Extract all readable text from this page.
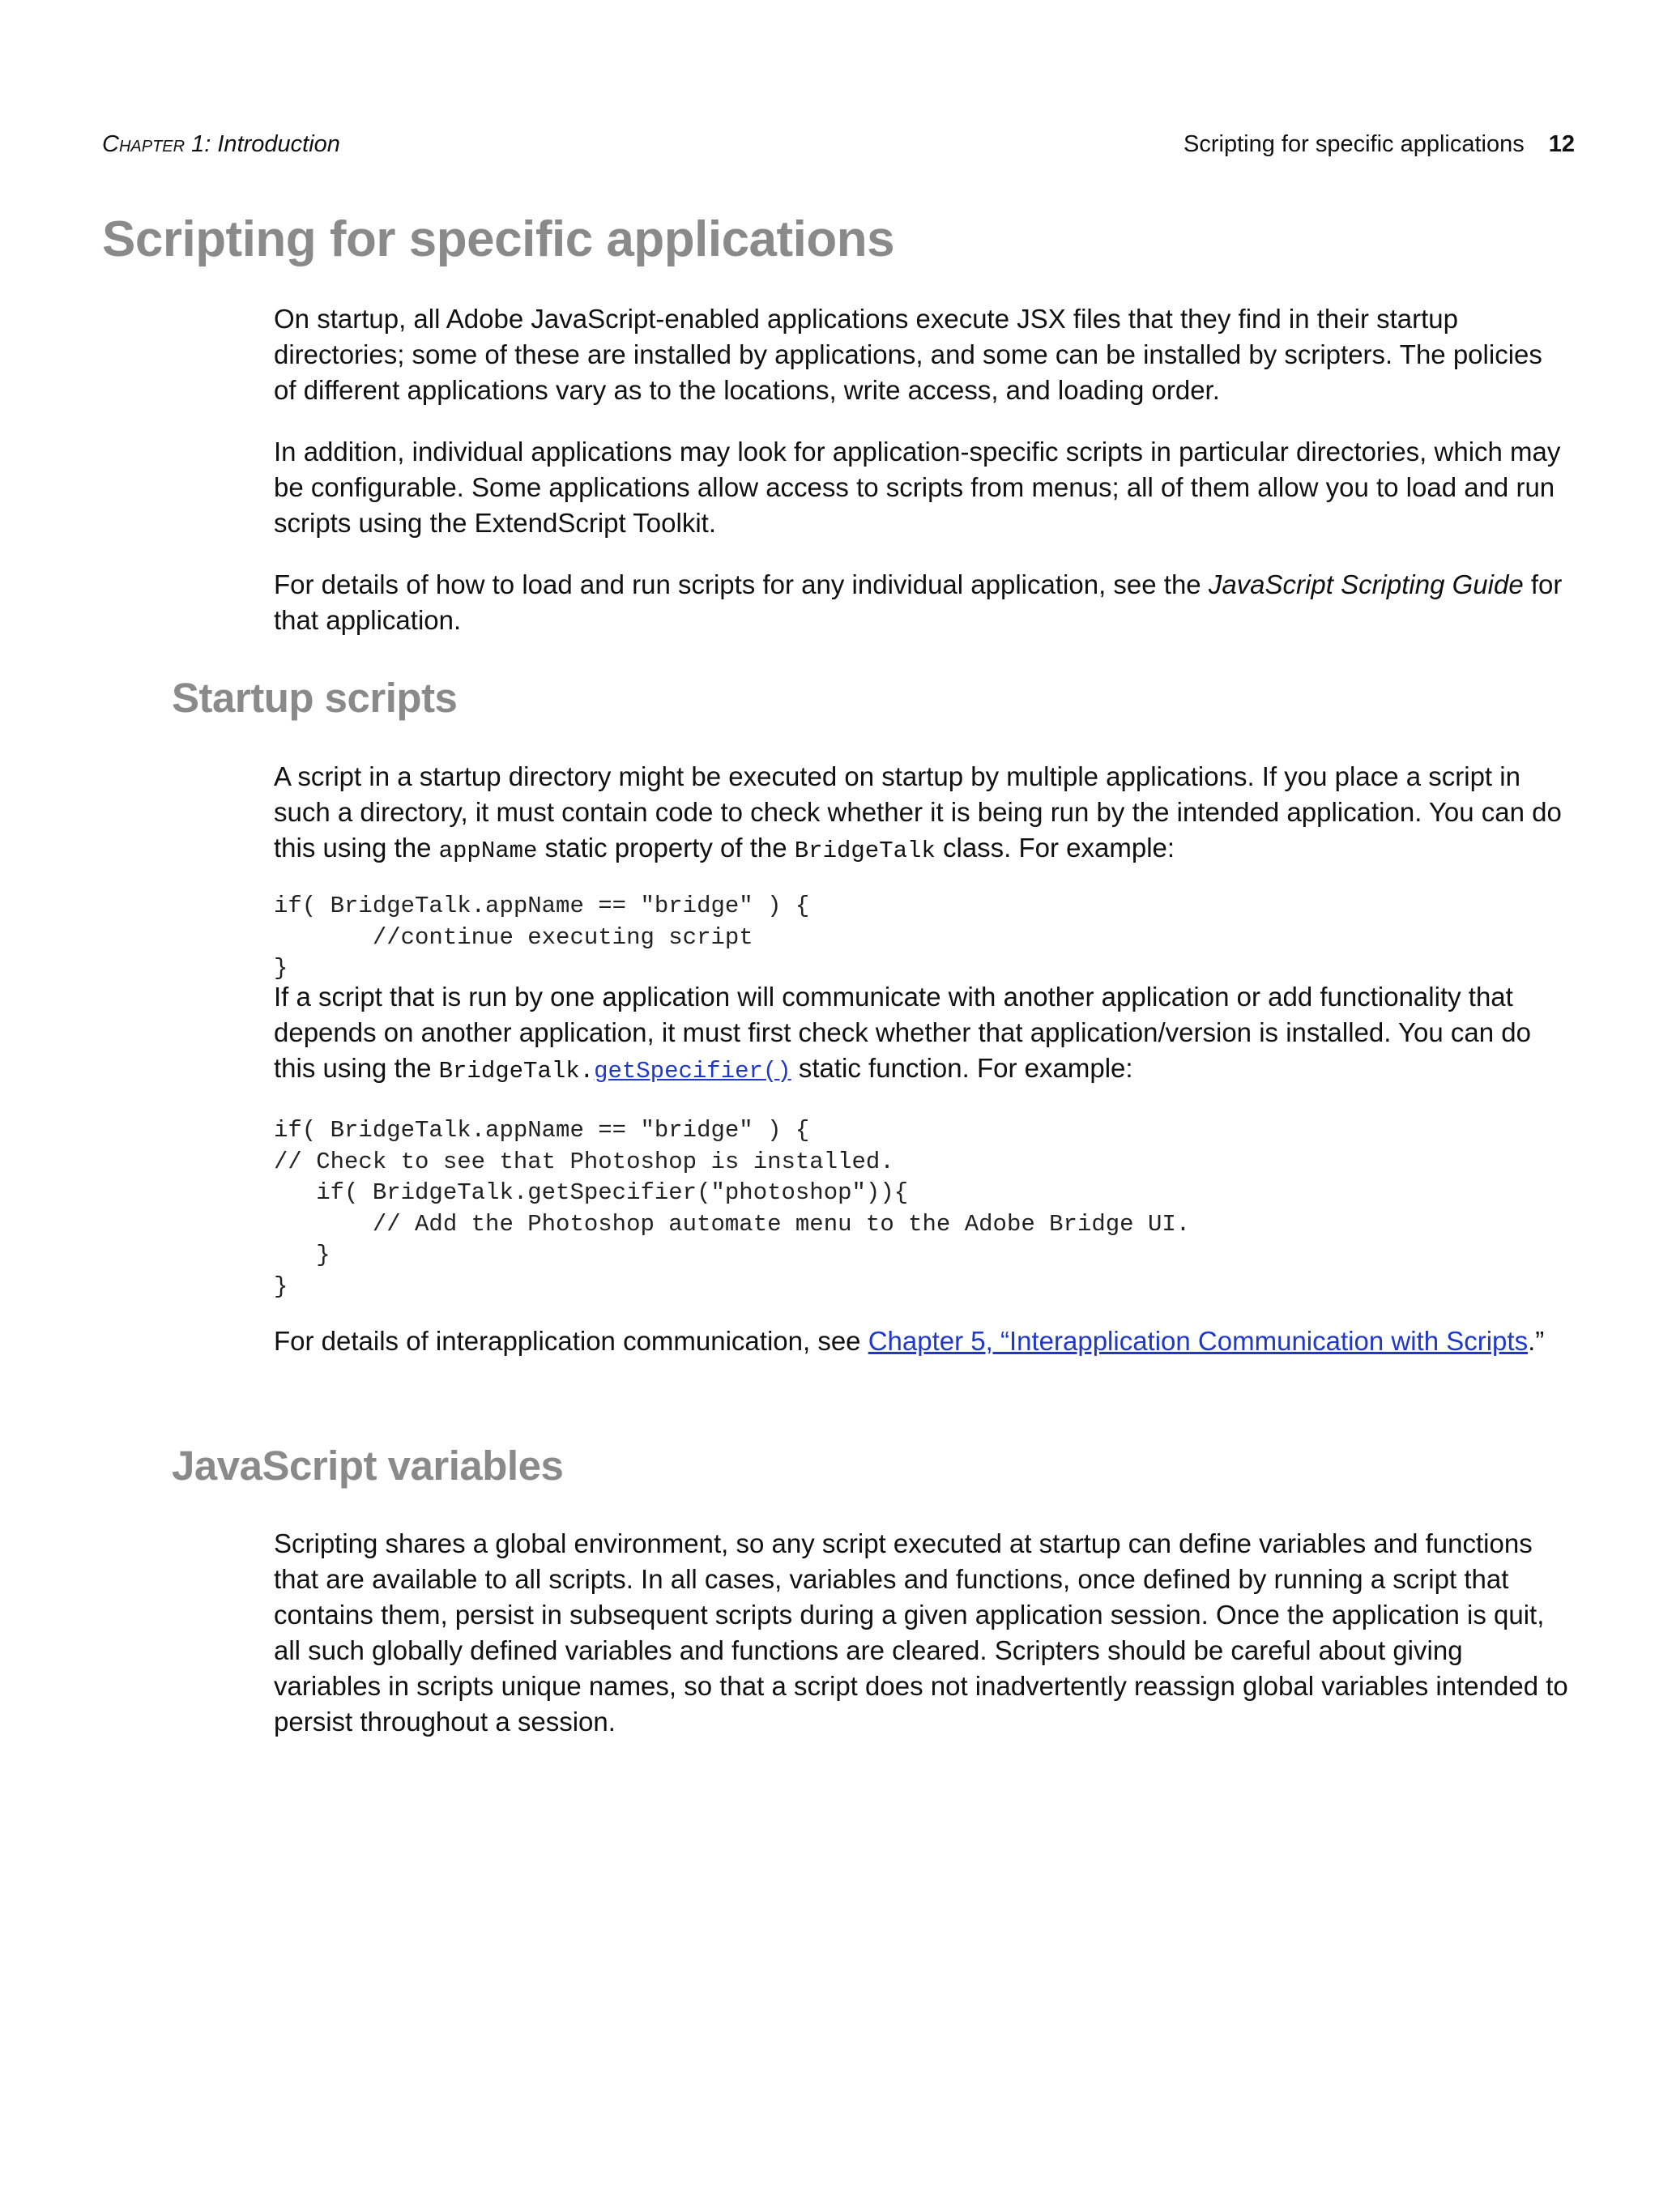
Chapter 1: Introduction	Scripting for specific applications 12
Scripting for specific applications

On startup, all Adobe JavaScript-enabled applications execute JSX files that they find in their startup directories; some of these are installed by applications, and some can be installed by scripters. The policies of different applications vary as to the locations, write access, and loading order.

In addition, individual applications may look for application-specific scripts in particular directories, which may be configurable. Some applications allow access to scripts from menus; all of them allow you to load and run scripts using the ExtendScript Toolkit.

For details of how to load and run scripts for any individual application, see the JavaScript Scripting Guide for that application.

Startup scripts

A script in a startup directory might be executed on startup by multiple applications. If you place a script in such a directory, it must contain code to check whether it is being run by the intended application. You can do this using the appName static property of the BridgeTalk class. For example:

if( BridgeTalk.appName == "bridge" ) {
//continue executing script
}

If a script that is run by one application will communicate with another application or add functionality that depends on another application, it must first check whether that application/version is installed. You can do this using the BridgeTalk.getSpecifier() static function. For example:

if( BridgeTalk.appName == "bridge" ) {
// Check to see that Photoshop is installed.
if( BridgeTalk.getSpecifier("photoshop")){
// Add the Photoshop automate menu to the Adobe Bridge UI.
}
}

For details of interapplication communication, see Chapter 5, “Interapplication Communication with Scripts.”

JavaScript variables

Scripting shares a global environment, so any script executed at startup can define variables and functions that are available to all scripts. In all cases, variables and functions, once defined by running a script that contains them, persist in subsequent scripts during a given application session. Once the application is quit, all such globally defined variables and functions are cleared. Scripters should be careful about giving variables in scripts unique names, so that a script does not inadvertently reassign global variables intended to persist throughout a session.
